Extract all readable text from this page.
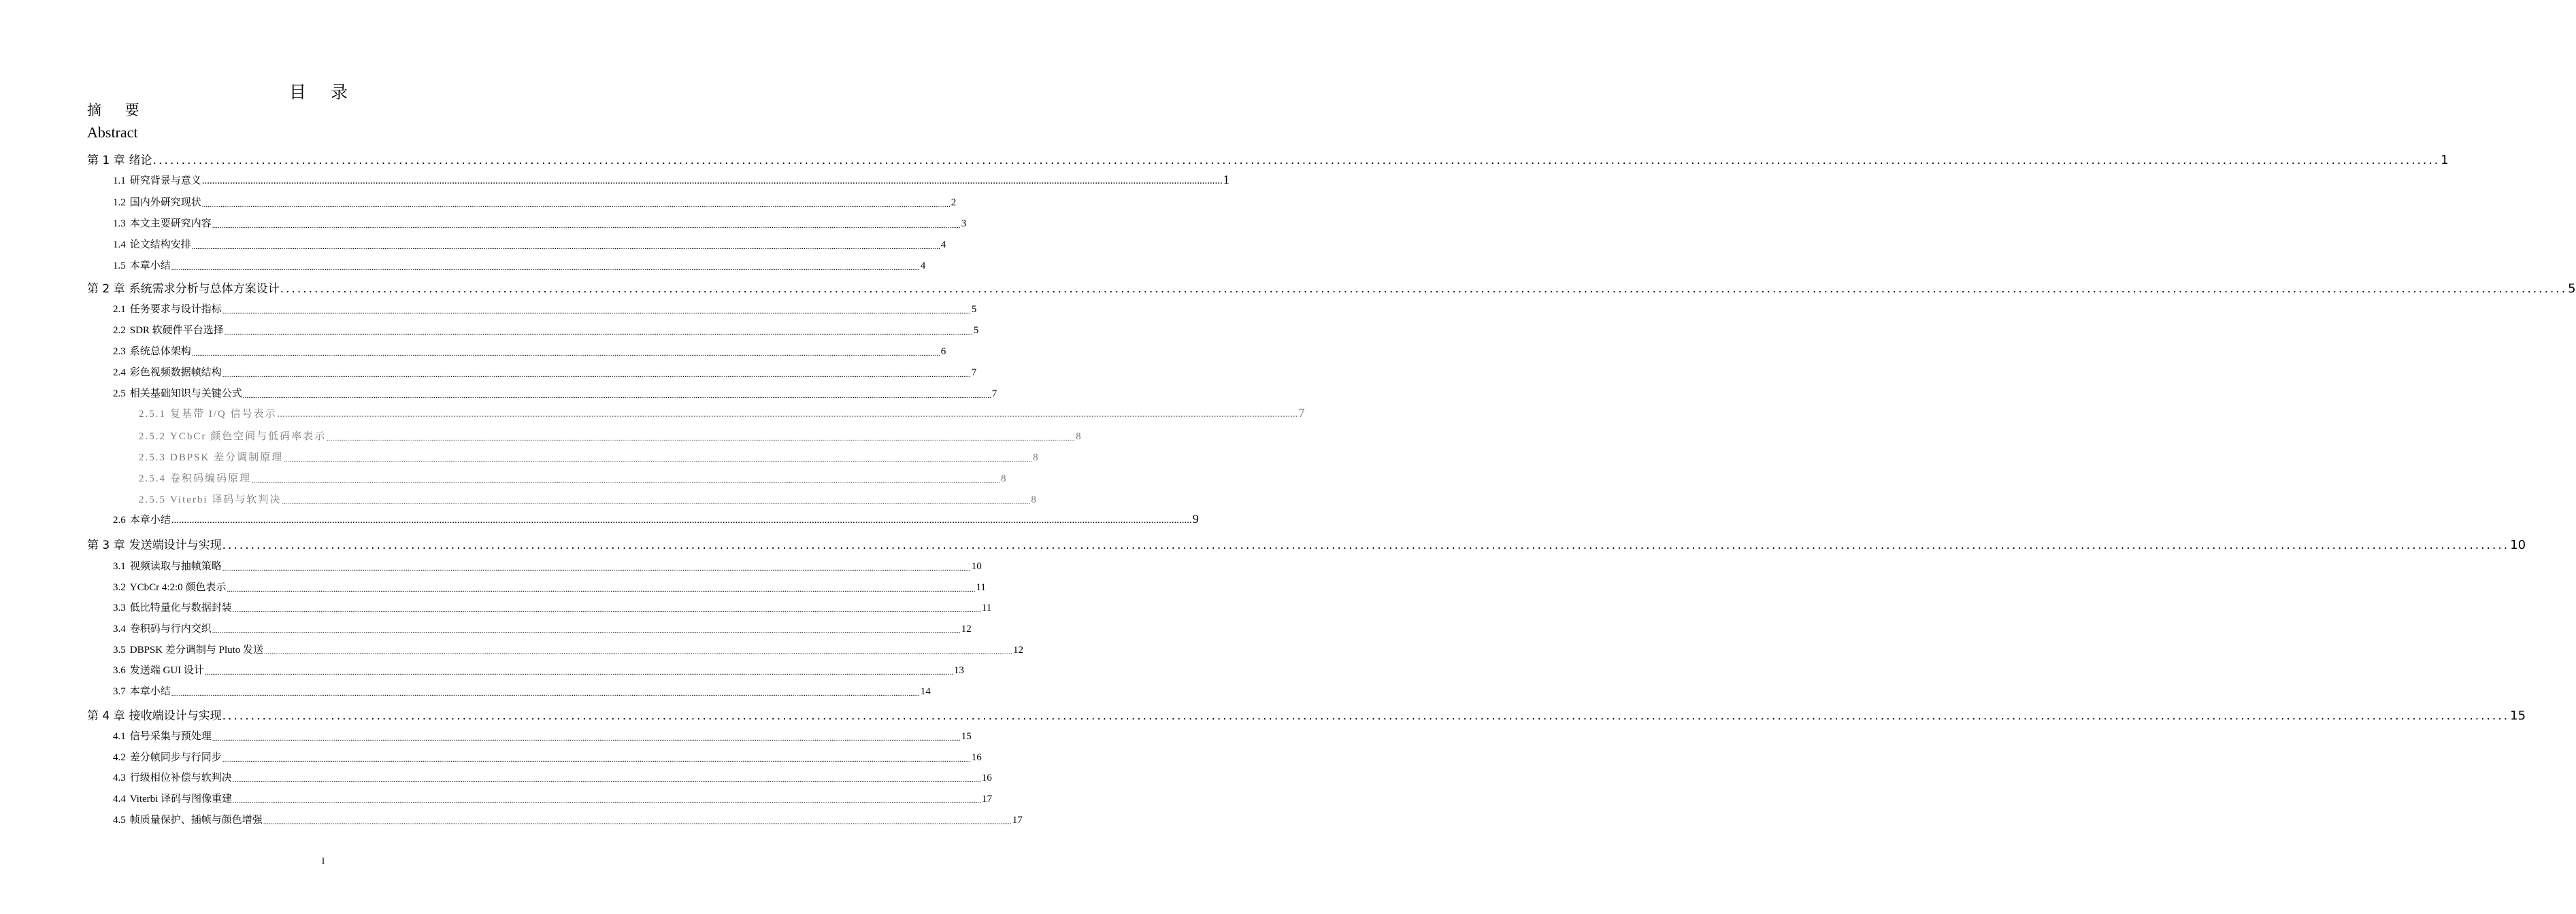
目 录
摘 要
Abstract
第 1 章 绪论 ................................................................................................................................................................................................................................................................................................................................................................................................................ 1
1.1 研究背景与意义 ................................................................................................................................................................................................................................................................................................................................................................................................................ 1
1.2 国内外研究现状 ................................................................................................................................................................................................................................................................................................................................................................................................................ 2
1.3 本文主要研究内容 ................................................................................................................................................................................................................................................................................................................................................................................................................ 3
1.4 论文结构安排 ................................................................................................................................................................................................................................................................................................................................................................................................................ 4
1.5 本章小结 ................................................................................................................................................................................................................................................................................................................................................................................................................ 4
第 2 章 系统需求分析与总体方案设计 ................................................................................................................................................................................................................................................................................................................................................................................................................ 5
2.1 任务要求与设计指标 ................................................................................................................................................................................................................................................................................................................................................................................................................ 5
2.2 SDR 软硬件平台选择 ................................................................................................................................................................................................................................................................................................................................................................................................................ 5
2.3 系统总体架构 ................................................................................................................................................................................................................................................................................................................................................................................................................ 6
2.4 彩色视频数据帧结构 ................................................................................................................................................................................................................................................................................................................................................................................................................ 7
2.5 相关基础知识与关键公式 ................................................................................................................................................................................................................................................................................................................................................................................................................ 7
2.5.1 复基带 I/Q 信号表示 ................................................................................................................................................................................................................................................................................................................................................................................................................ 7
2.5.2 YCbCr 颜色空间与低码率表示 ................................................................................................................................................................................................................................................................................................................................................................................................................ 8
2.5.3 DBPSK 差分调制原理 ................................................................................................................................................................................................................................................................................................................................................................................................................ 8
2.5.4 卷积码编码原理 ................................................................................................................................................................................................................................................................................................................................................................................................................ 8
2.5.5 Viterbi 译码与软判决 ................................................................................................................................................................................................................................................................................................................................................................................................................ 8
2.6 本章小结 ................................................................................................................................................................................................................................................................................................................................................................................................................ 9
第 3 章 发送端设计与实现 ................................................................................................................................................................................................................................................................................................................................................................................................................ 10
3.1 视频读取与抽帧策略 ................................................................................................................................................................................................................................................................................................................................................................................................................ 10
3.2 YCbCr 4:2:0 颜色表示 ................................................................................................................................................................................................................................................................................................................................................................................................................ 11
3.3 低比特量化与数据封装 ................................................................................................................................................................................................................................................................................................................................................................................................................ 11
3.4 卷积码与行内交织 ................................................................................................................................................................................................................................................................................................................................................................................................................ 12
3.5 DBPSK 差分调制与 Pluto 发送 ................................................................................................................................................................................................................................................................................................................................................................................................................ 12
3.6 发送端 GUI 设计 ................................................................................................................................................................................................................................................................................................................................................................................................................ 13
3.7 本章小结 ................................................................................................................................................................................................................................................................................................................................................................................................................ 14
第 4 章 接收端设计与实现 ................................................................................................................................................................................................................................................................................................................................................................................................................ 15
4.1 信号采集与预处理 ................................................................................................................................................................................................................................................................................................................................................................................................................ 15
4.2 差分帧同步与行同步 ................................................................................................................................................................................................................................................................................................................................................................................................................ 16
4.3 行级相位补偿与软判决 ................................................................................................................................................................................................................................................................................................................................................................................................................ 16
4.4 Viterbi 译码与图像重建 ................................................................................................................................................................................................................................................................................................................................................................................................................ 17
4.5 帧质量保护、插帧与颜色增强 ................................................................................................................................................................................................................................................................................................................................................................................................................ 17
I
